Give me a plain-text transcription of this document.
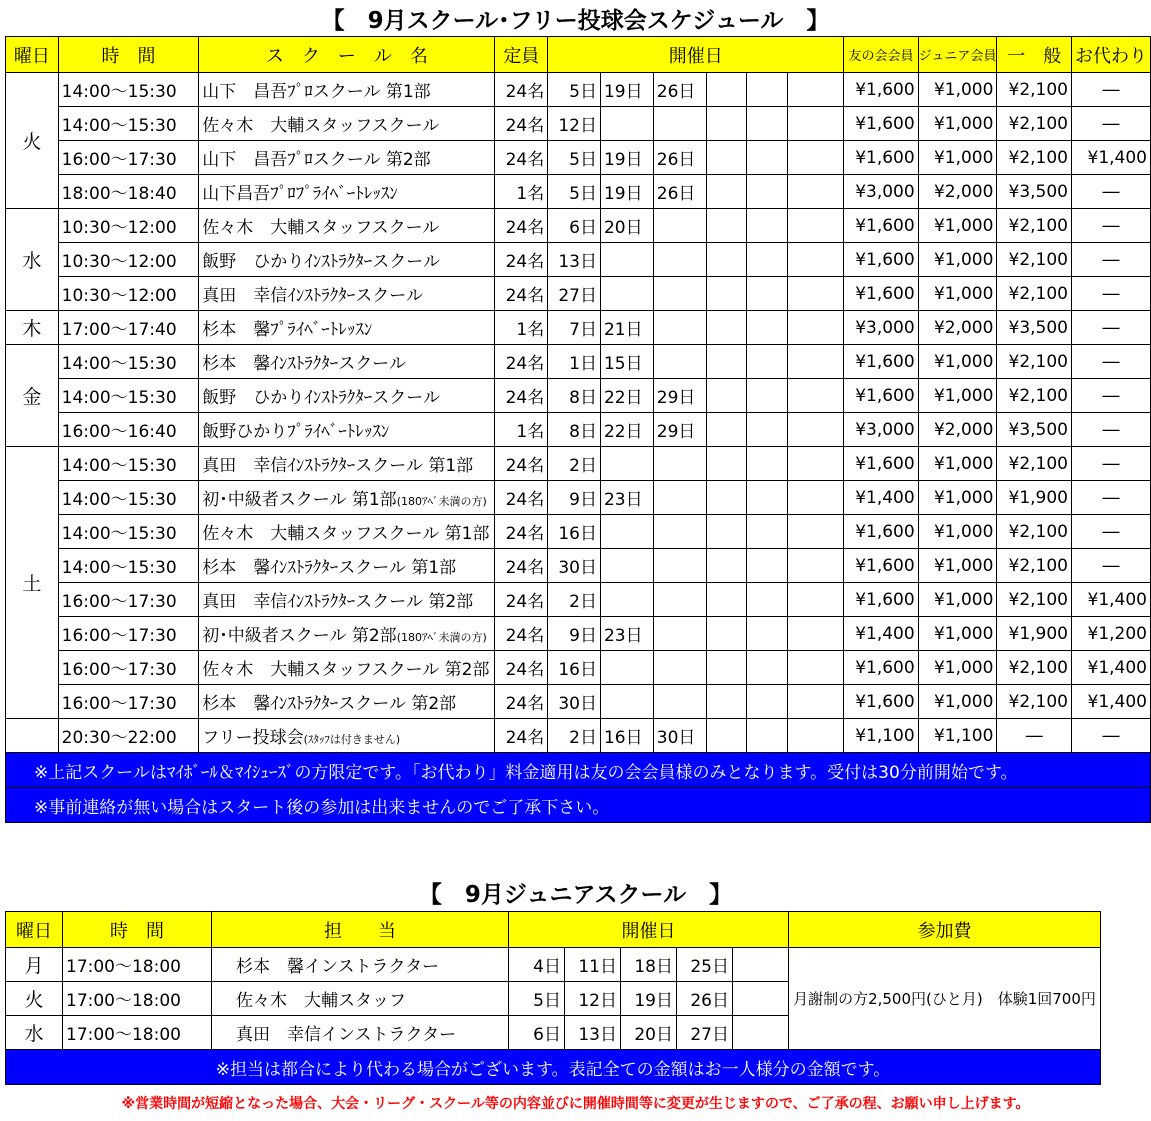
【　9月スクール･フリー投球会スケジュール　】
曜日	時　間	ス　ク　ー　ル　名	定員	開催日						友の会会員	ジュニア会員	一　般	お代わり
火	14:00～15:30	山下　昌吾ﾌﾟﾛスクール 第1部	24名	5日	19日	26日				¥1,600	¥1,000	¥2,100	―
	14:00～15:30	佐々木　大輔スタッフスクール	24名	12日						¥1,600	¥1,000	¥2,100	―
	16:00～17:30	山下　昌吾ﾌﾟﾛスクール 第2部	24名	5日	19日	26日				¥1,600	¥1,000	¥2,100	¥1,400
	18:00～18:40	山下昌吾ﾌﾟﾛﾌﾟﾗｲﾍﾞｰﾄﾚｯｽﾝ	1名	5日	19日	26日				¥3,000	¥2,000	¥3,500	―
水	10:30～12:00	佐々木　大輔スタッフスクール	24名	6日	20日					¥1,600	¥1,000	¥2,100	―
	10:30～12:00	飯野　ひかりｲﾝｽﾄﾗｸﾀｰスクール	24名	13日						¥1,600	¥1,000	¥2,100	―
	10:30～12:00	真田　幸信ｲﾝｽﾄﾗｸﾀｰスクール	24名	27日						¥1,600	¥1,000	¥2,100	―
木	17:00～17:40	杉本　馨ﾌﾟﾗｲﾍﾞｰﾄﾚｯｽﾝ	1名	7日	21日					¥3,000	¥2,000	¥3,500	―
金	14:00～15:30	杉本　馨ｲﾝｽﾄﾗｸﾀｰスクール	24名	1日	15日					¥1,600	¥1,000	¥2,100	―
	14:00～15:30	飯野　ひかりｲﾝｽﾄﾗｸﾀｰスクール	24名	8日	22日	29日				¥1,600	¥1,000	¥2,100	―
	16:00～16:40	飯野ひかりﾌﾟﾗｲﾍﾞｰﾄﾚｯｽﾝ	1名	8日	22日	29日				¥3,000	¥2,000	¥3,500	―
土	14:00～15:30	真田　幸信ｲﾝｽﾄﾗｸﾀｰスクール 第1部	24名	2日						¥1,600	¥1,000	¥2,100	―
	14:00～15:30	初･中級者スクール 第1部(180ｱﾍﾞ未満の方)	24名	9日	23日					¥1,400	¥1,000	¥1,900	―
	14:00～15:30	佐々木　大輔スタッフスクール 第1部	24名	16日						¥1,600	¥1,000	¥2,100	―
	14:00～15:30	杉本　馨ｲﾝｽﾄﾗｸﾀｰスクール 第1部	24名	30日						¥1,600	¥1,000	¥2,100	―
	16:00～17:30	真田　幸信ｲﾝｽﾄﾗｸﾀｰスクール 第2部	24名	2日						¥1,600	¥1,000	¥2,100	¥1,400
	16:00～17:30	初･中級者スクール 第2部(180ｱﾍﾞ未満の方)	24名	9日	23日					¥1,400	¥1,000	¥1,900	¥1,200
	16:00～17:30	佐々木　大輔スタッフスクール 第2部	24名	16日						¥1,600	¥1,000	¥2,100	¥1,400
	16:00～17:30	杉本　馨ｲﾝｽﾄﾗｸﾀｰスクール 第2部	24名	30日						¥1,600	¥1,000	¥2,100	¥1,400
	20:30～22:00	フリー投球会(ｽﾀｯﾌは付きません)	24名	2日	16日	30日				¥1,100	¥1,100	―	―
※上記スクールはﾏｲﾎﾞｰﾙ＆ﾏｲｼｭｰｽﾞの方限定です。「お代わり」料金適用は友の会会員様のみとなります。受付は30分前開始です。													
※事前連絡が無い場合はスタート後の参加は出来ませんのでご了承下さい。													
曜日	時　間	担　　当	開催日					参加費
月	17:00～18:00	杉本　馨インストラクター	4日	11日	18日	25日		月謝制の方2,500円(ひと月)　体験1回700円
火	17:00～18:00	佐々木　大輔スタッフ	5日	12日	19日	26日		
水	17:00～18:00	真田　幸信インストラクター	6日	13日	20日	27日		
※担当は都合により代わる場合がございます。表記全ての金額はお一人様分の金額です。								
【　9月ジュニアスクール　】
※営業時間が短縮となった場合、大会・リーグ・スクール等の内容並びに開催時間等に変更が生じますので、ご了承の程、お願い申し上げます。
